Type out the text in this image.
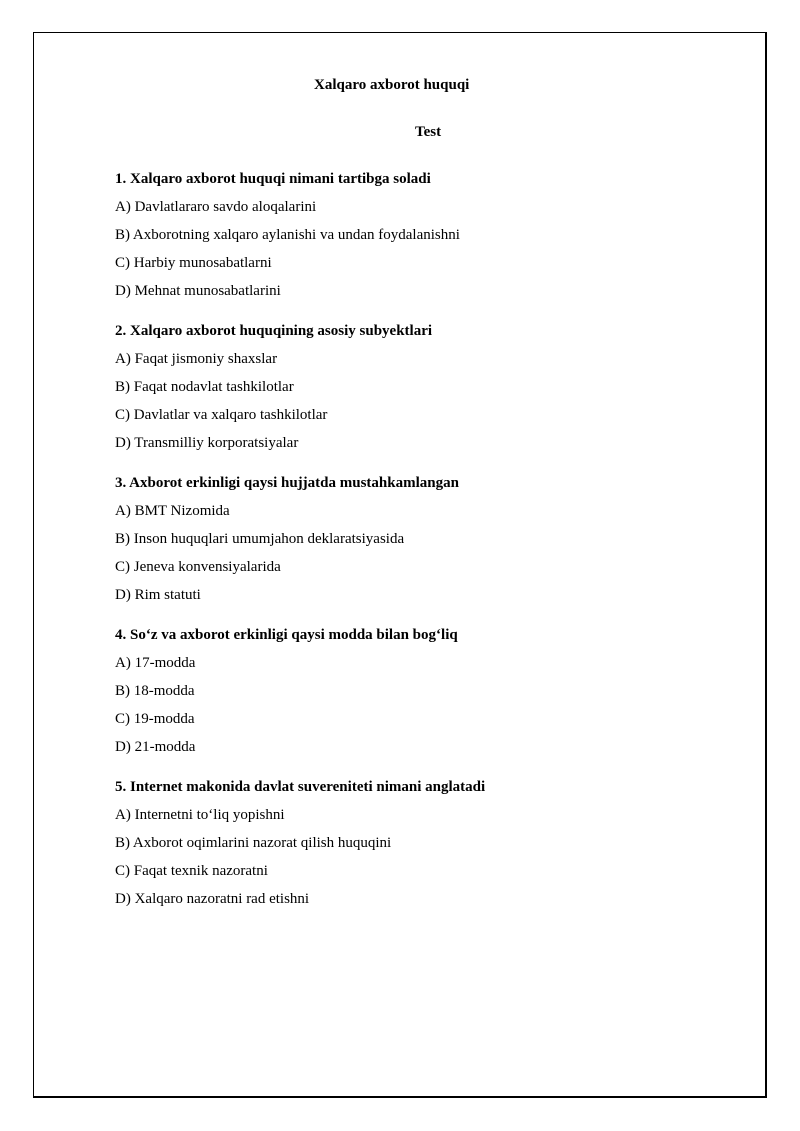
Xalqaro axborot huquqi

Test

1. Xalqaro axborot huquqi nimani tartibga soladi

A) Davlatlararo savdo aloqalarini

B) Axborotning xalqaro aylanishi va undan foydalanishni

C) Harbiy munosabatlarni

D) Mehnat munosabatlarini

2. Xalqaro axborot huquqining asosiy subyektlari

A) Faqat jismoniy shaxslar

B) Faqat nodavlat tashkilotlar

C) Davlatlar va xalqaro tashkilotlar

D) Transmilliy korporatsiyalar

3. Axborot erkinligi qaysi hujjatda mustahkamlangan

A) BMT Nizomida

B) Inson huquqlari umumjahon deklaratsiyasida

C) Jeneva konvensiyalarida

D) Rim statuti

4. So‘z va axborot erkinligi qaysi modda bilan bog‘liq

A) 17-modda

B) 18-modda

C) 19-modda

D) 21-modda

5. Internet makonida davlat suvereniteti nimani anglatadi

A) Internetni to‘liq yopishni

B) Axborot oqimlarini nazorat qilish huquqini

C) Faqat texnik nazoratni

D) Xalqaro nazoratni rad etishni
